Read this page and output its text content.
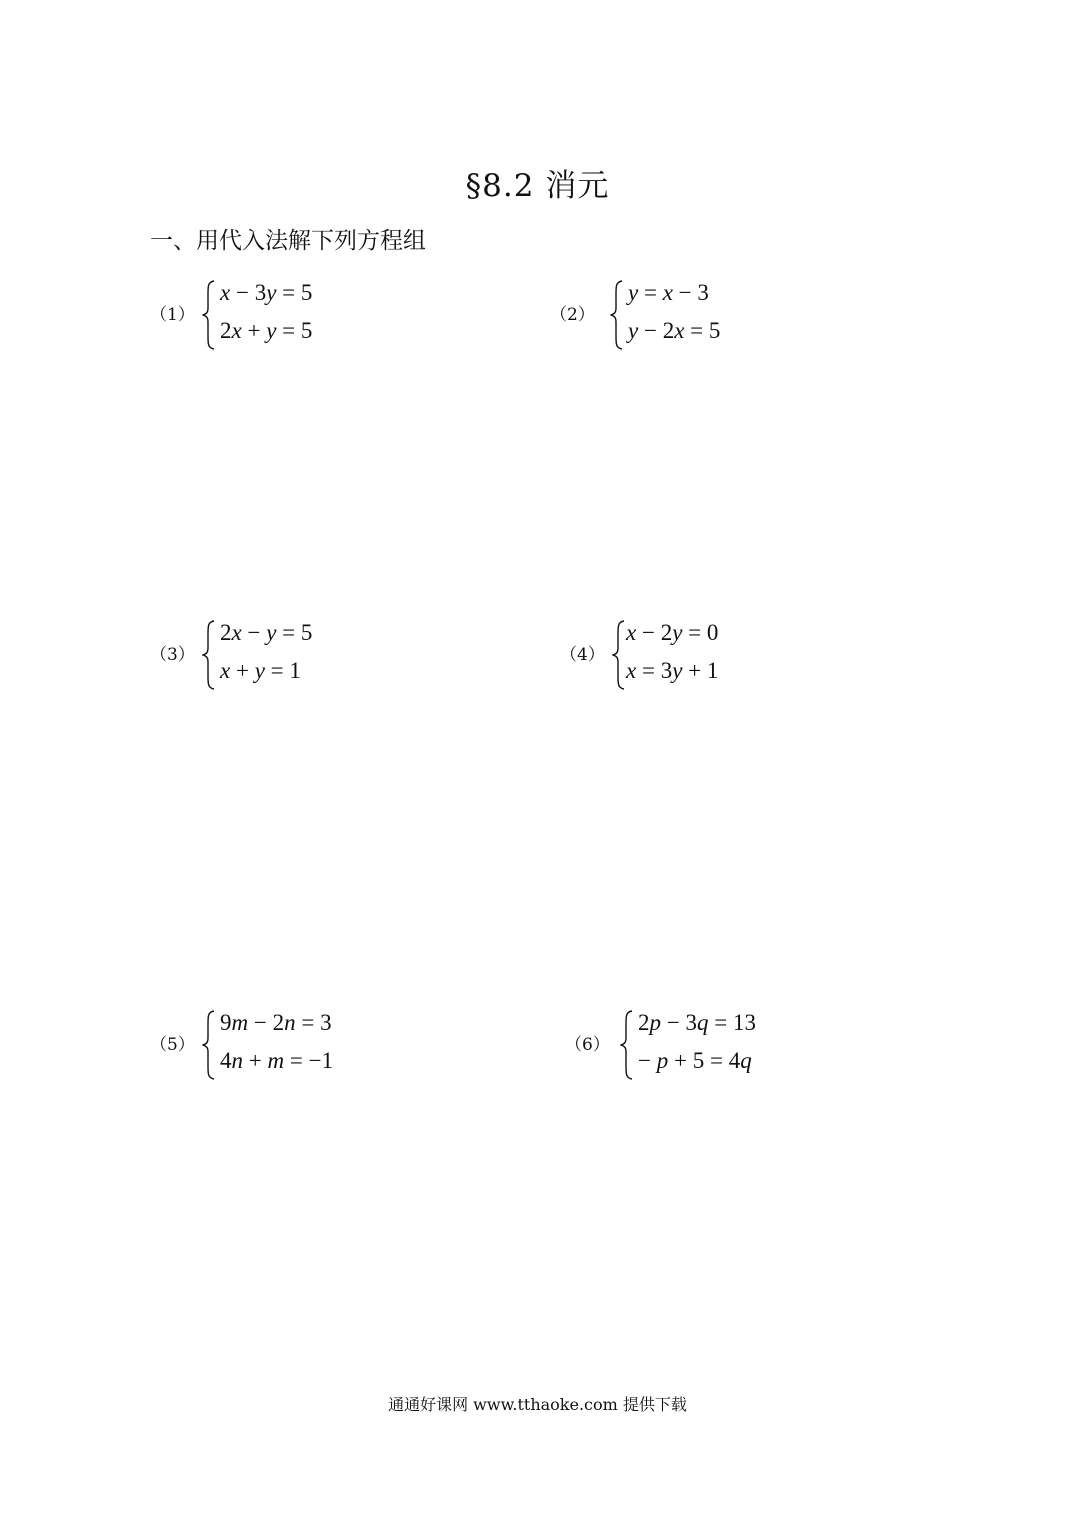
§8.2 消元
一、用代入法解下列方程组
（1）
x − 3y = 5
2x + y = 5
（2）
y = x − 3
y − 2x = 5
（3）
2x − y = 5
x + y = 1
（4）
x − 2y = 0
x = 3y + 1
（5）
9m − 2n = 3
4n + m = −1
（6）
2p − 3q = 13
− p + 5 = 4q
通通好课网 www.tthaoke.com 提供下载
